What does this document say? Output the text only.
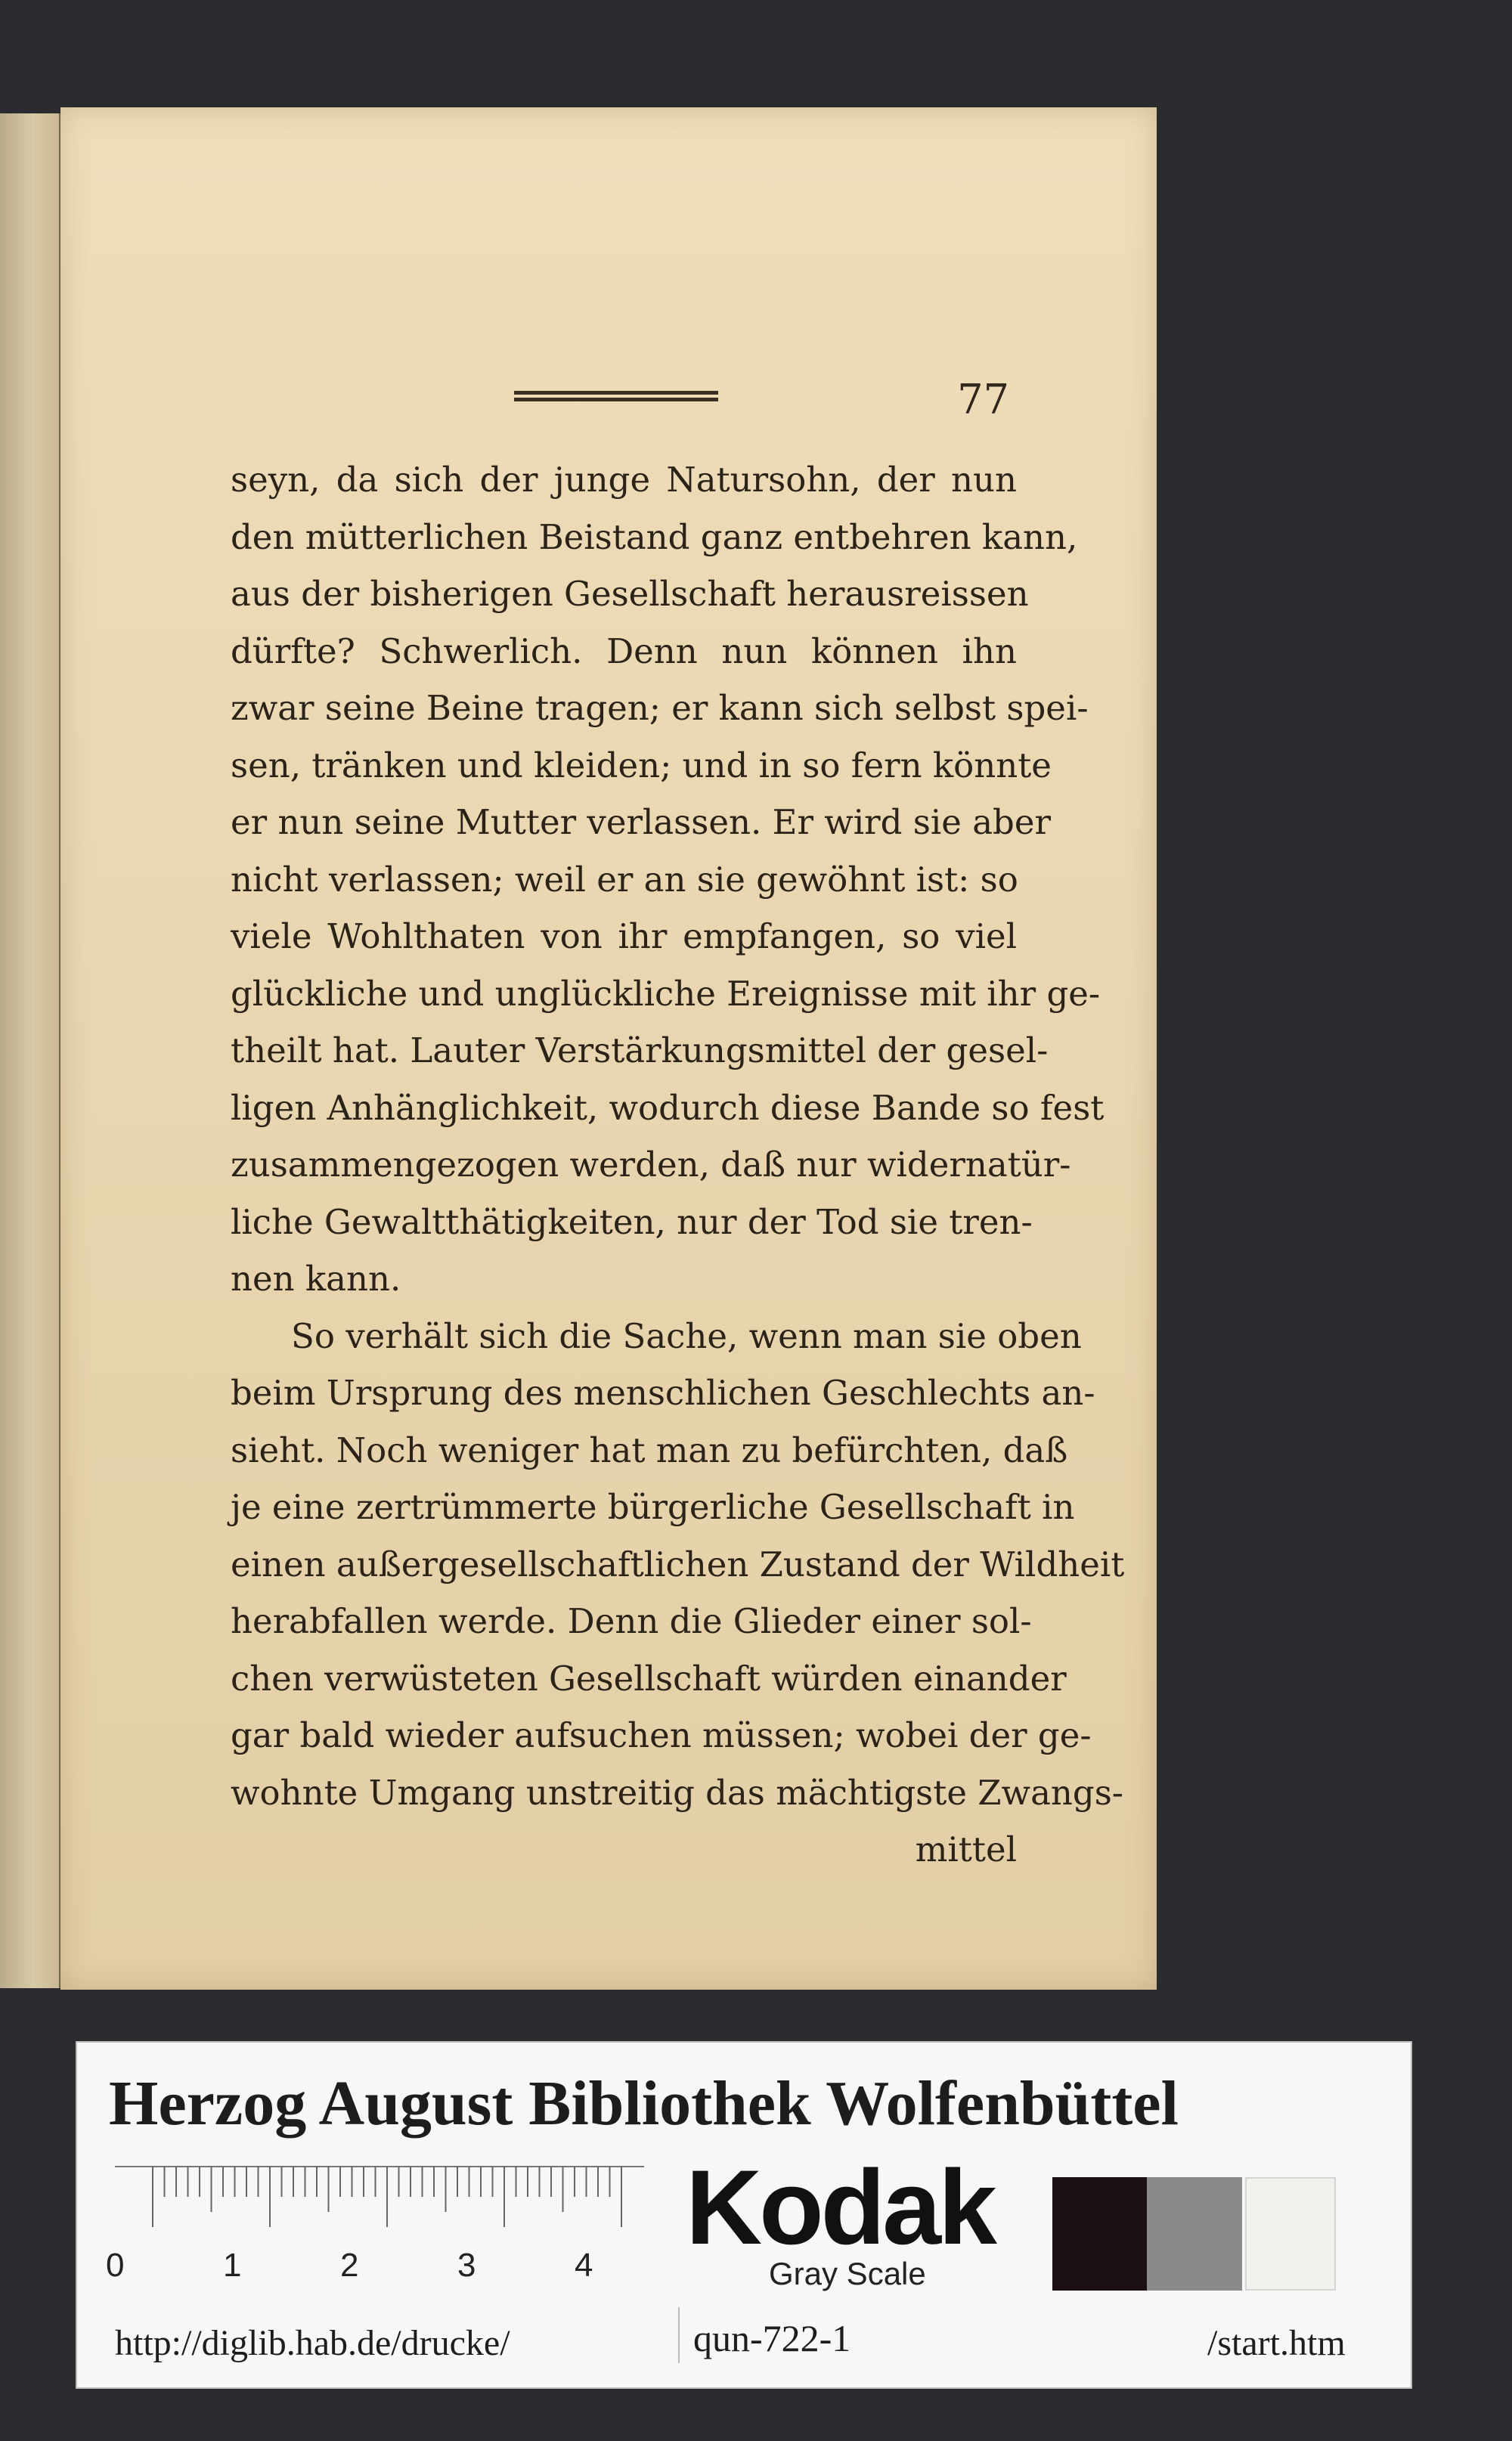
77
seyn, da sich der junge Natursohn, der nun
den mütterlichen Beistand ganz entbehren kann,
aus der bisherigen Gesellschaft herausreissen
dürfte? Schwerlich. Denn nun können ihn
zwar seine Beine tragen; er kann sich selbst spei-
sen, tränken und kleiden; und in so fern könnte
er nun seine Mutter verlassen. Er wird sie aber
nicht verlassen; weil er an sie gewöhnt ist: so
viele Wohlthaten von ihr empfangen, so viel
glückliche und unglückliche Ereignisse mit ihr ge-
theilt hat. Lauter Verstärkungsmittel der gesel-
ligen Anhänglichkeit, wodurch diese Bande so fest
zusammengezogen werden, daß nur widernatür-
liche Gewaltthätigkeiten, nur der Tod sie tren-
nen kann.
So verhält sich die Sache, wenn man sie oben
beim Ursprung des menschlichen Geschlechts an-
sieht. Noch weniger hat man zu befürchten, daß
je eine zertrümmerte bürgerliche Gesellschaft in
einen außergesellschaftlichen Zustand der Wildheit
herabfallen werde. Denn die Glieder einer sol-
chen verwüsteten Gesellschaft würden einander
gar bald wieder aufsuchen müssen; wobei der ge-
wohnte Umgang unstreitig das mächtigste Zwangs-
mittel
Herzog August Bibliothek Wolfenbüttel
0	1	2	3	4 Kodak
Gray Scale
http://diglib.hab.de/drucke/	qun-722-1	/start.htm
